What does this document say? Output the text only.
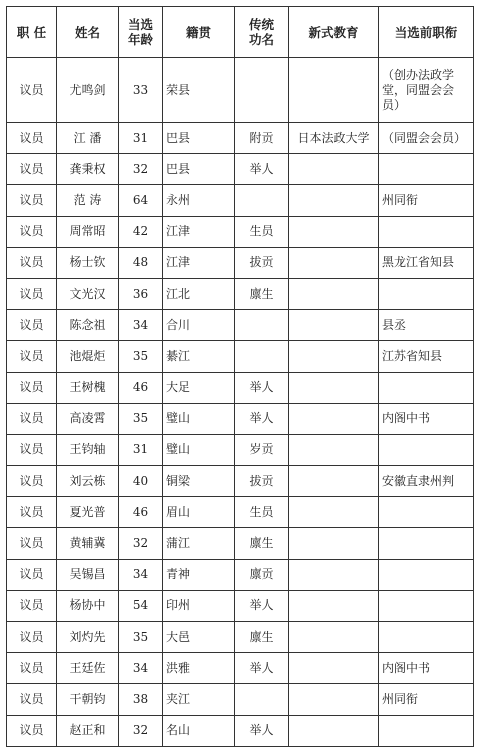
职 任	姓名	当选年龄	籍贯	传统功名	新式教育	当选前职衔
议员	尤鸣剑	33	荣县			（创办法政学堂，同盟会会员）
议员	江 潘	31	巴县	附贡	日本法政大学	（同盟会会员）
议员	龚秉权	32	巴县	举人		
议员	范 涛	64	永州			州同衔
议员	周常昭	42	江津	生员		
议员	杨士钦	48	江津	拔贡		黑龙江省知县
议员	文光汉	36	江北	廪生		
议员	陈念祖	34	合川			县丞
议员	池焜炬	35	綦江			江苏省知县
议员	王树槐	46	大足	举人		
议员	高凌霄	35	璧山	举人		内阁中书
议员	王钧轴	31	璧山	岁贡		
议员	刘云栋	40	铜梁	拔贡		安徽直隶州判
议员	夏光普	46	眉山	生员		
议员	黄辅冀	32	蒲江	廪生		
议员	吴锡昌	34	青神	廪贡		
议员	杨协中	54	印州	举人		
议员	刘灼先	35	大邑	廪生		
议员	王廷佐	34	洪雅	举人		内阁中书
议员	干朝钧	38	夹江			州同衔
议员	赵正和	32	名山	举人		
